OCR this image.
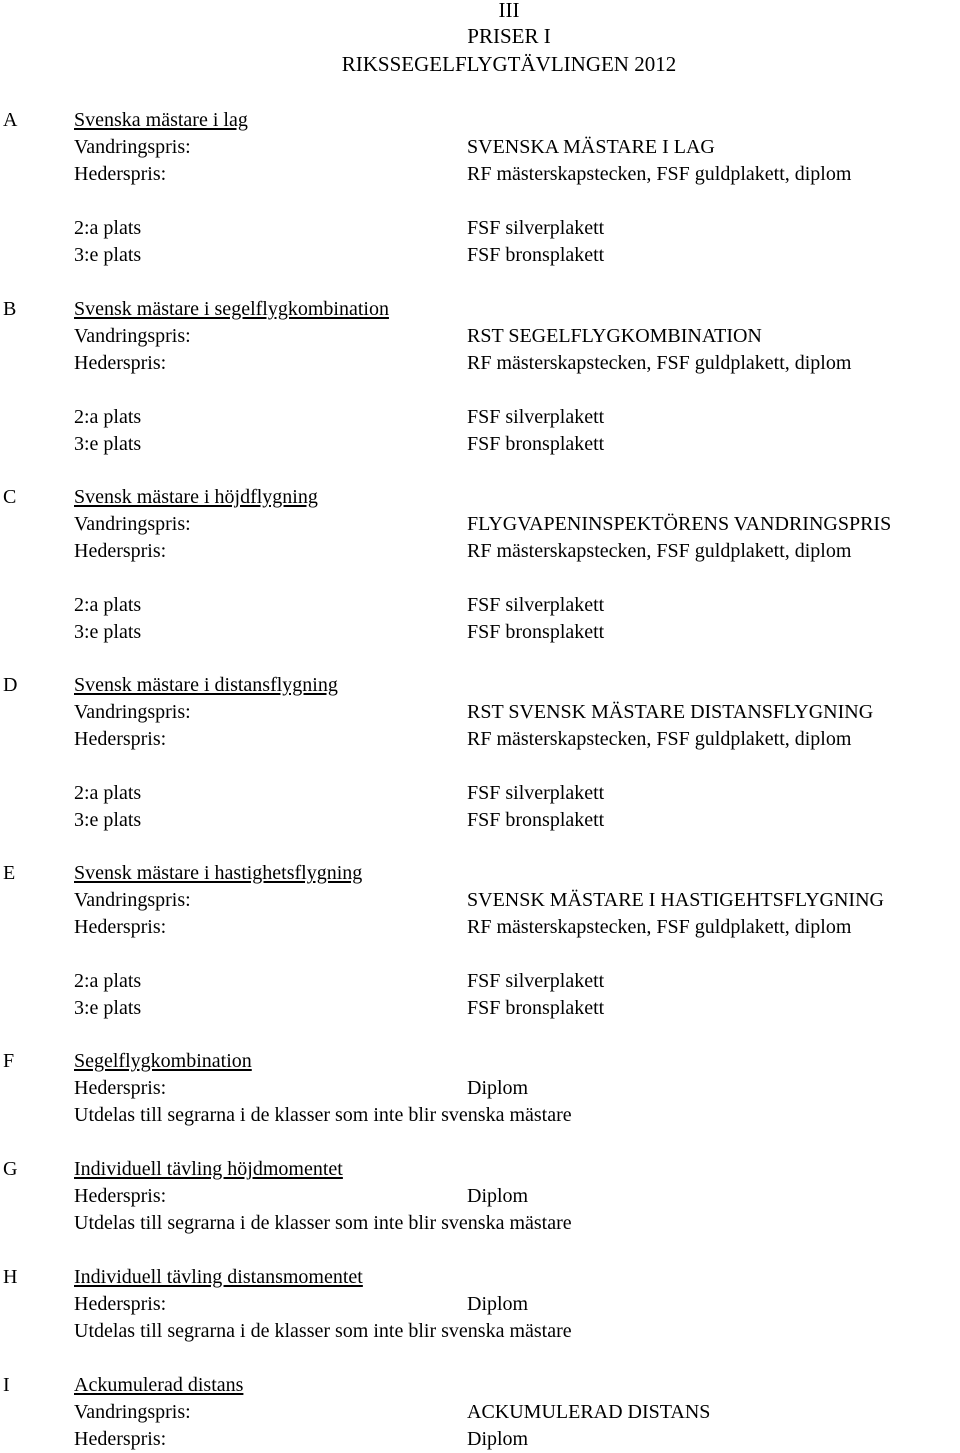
III
PRISER I
RIKSSEGELFLYGTÄVLINGEN 2012
A	Svenska mästare i lag
Vandringspris:	SVENSKA MÄSTARE I LAG
Hederspris:	RF mästerskapstecken, FSF guldplakett, diplom
2:a plats	FSF silverplakett
3:e plats	FSF bronsplakett
B	Svensk mästare i segelflygkombination
Vandringspris:	RST SEGELFLYGKOMBINATION
Hederspris:	RF mästerskapstecken, FSF guldplakett, diplom
2:a plats	FSF silverplakett
3:e plats	FSF bronsplakett
C	Svensk mästare i höjdflygning
Vandringspris:	FLYGVAPENINSPEKTÖRENS VANDRINGSPRIS
Hederspris:	RF mästerskapstecken, FSF guldplakett, diplom
2:a plats	FSF silverplakett
3:e plats	FSF bronsplakett
D	Svensk mästare i distansflygning
Vandringspris:	RST SVENSK MÄSTARE DISTANSFLYGNING
Hederspris:	RF mästerskapstecken, FSF guldplakett, diplom
2:a plats	FSF silverplakett
3:e plats	FSF bronsplakett
E	Svensk mästare i hastighetsflygning
Vandringspris:	SVENSK MÄSTARE I HASTIGEHTSFLYGNING
Hederspris:	RF mästerskapstecken, FSF guldplakett, diplom
2:a plats	FSF silverplakett
3:e plats	FSF bronsplakett
F	Segelflygkombination
Hederspris:	Diplom
Utdelas till segrarna i de klasser som inte blir svenska mästare
G	Individuell tävling höjdmomentet
Hederspris:	Diplom
Utdelas till segrarna i de klasser som inte blir svenska mästare
H	Individuell tävling distansmomentet
Hederspris:	Diplom
Utdelas till segrarna i de klasser som inte blir svenska mästare
I	Ackumulerad distans
Vandringspris:	ACKUMULERAD DISTANS
Hederspris:	Diplom
